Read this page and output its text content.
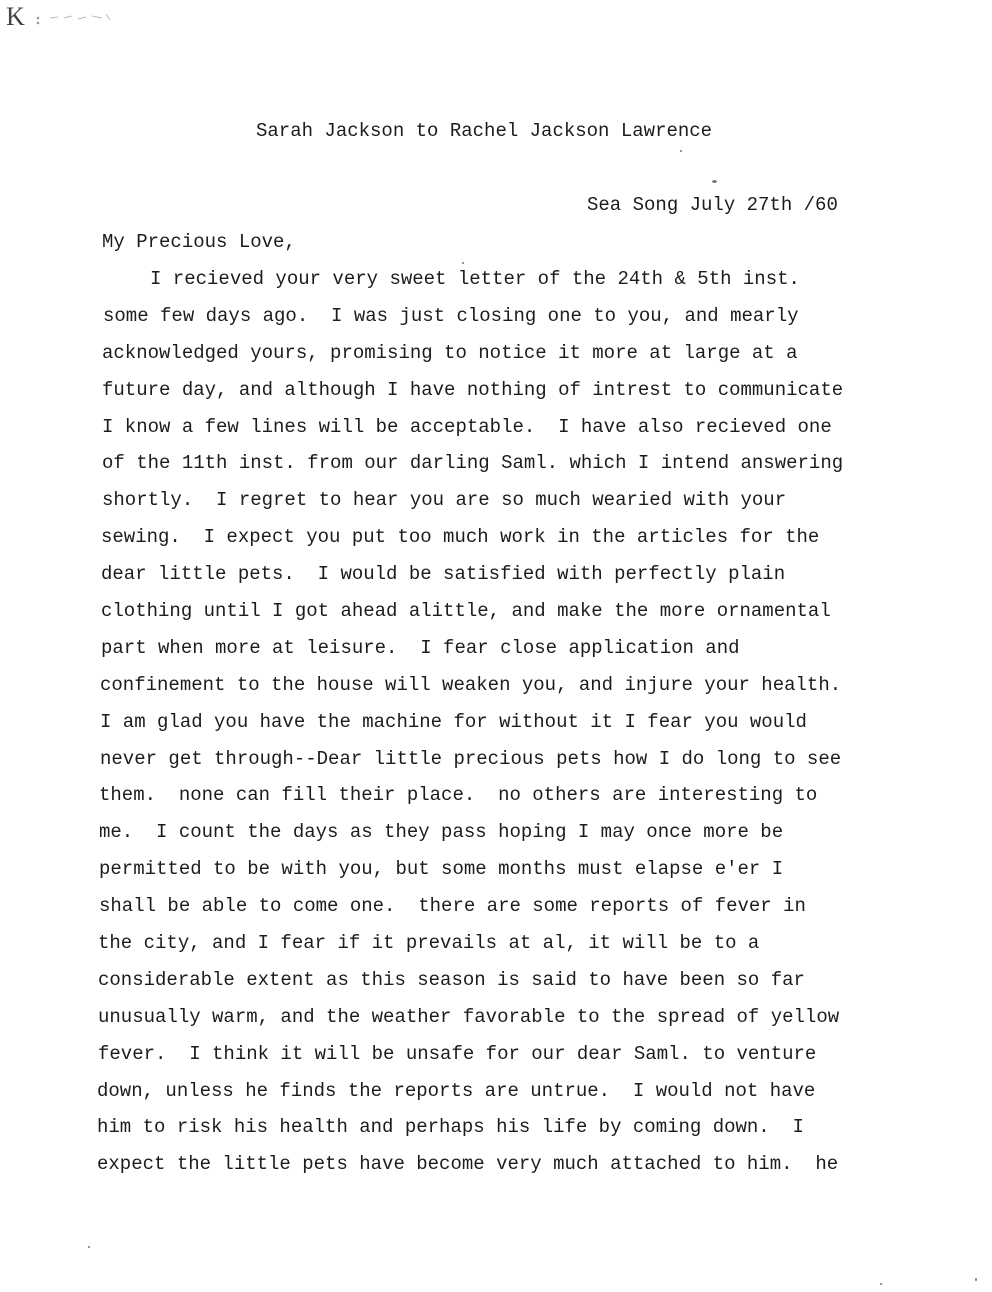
K
Sarah Jackson to Rachel Jackson Lawrence
Sea Song July 27th /60
My Precious Love,
I recieved your very sweet letter of the 24th & 5th inst.
some few days ago.  I was just closing one to you, and mearly
acknowledged yours, promising to notice it more at large at a
future day, and although I have nothing of intrest to communicate
I know a few lines will be acceptable.  I have also recieved one
of the 11th inst. from our darling Saml. which I intend answering
shortly.  I regret to hear you are so much wearied with your
sewing.  I expect you put too much work in the articles for the
dear little pets.  I would be satisfied with perfectly plain
clothing until I got ahead alittle, and make the more ornamental
part when more at leisure.  I fear close application and
confinement to the house will weaken you, and injure your health.
I am glad you have the machine for without it I fear you would
never get through--Dear little precious pets how I do long to see
them.  none can fill their place.  no others are interesting to
me.  I count the days as they pass hoping I may once more be
permitted to be with you, but some months must elapse e'er I
shall be able to come one.  there are some reports of fever in
the city, and I fear if it prevails at al, it will be to a
considerable extent as this season is said to have been so far
unusually warm, and the weather favorable to the spread of yellow
fever.  I think it will be unsafe for our dear Saml. to venture
down, unless he finds the reports are untrue.  I would not have
him to risk his health and perhaps his life by coming down.  I
expect the little pets have become very much attached to him.  he
